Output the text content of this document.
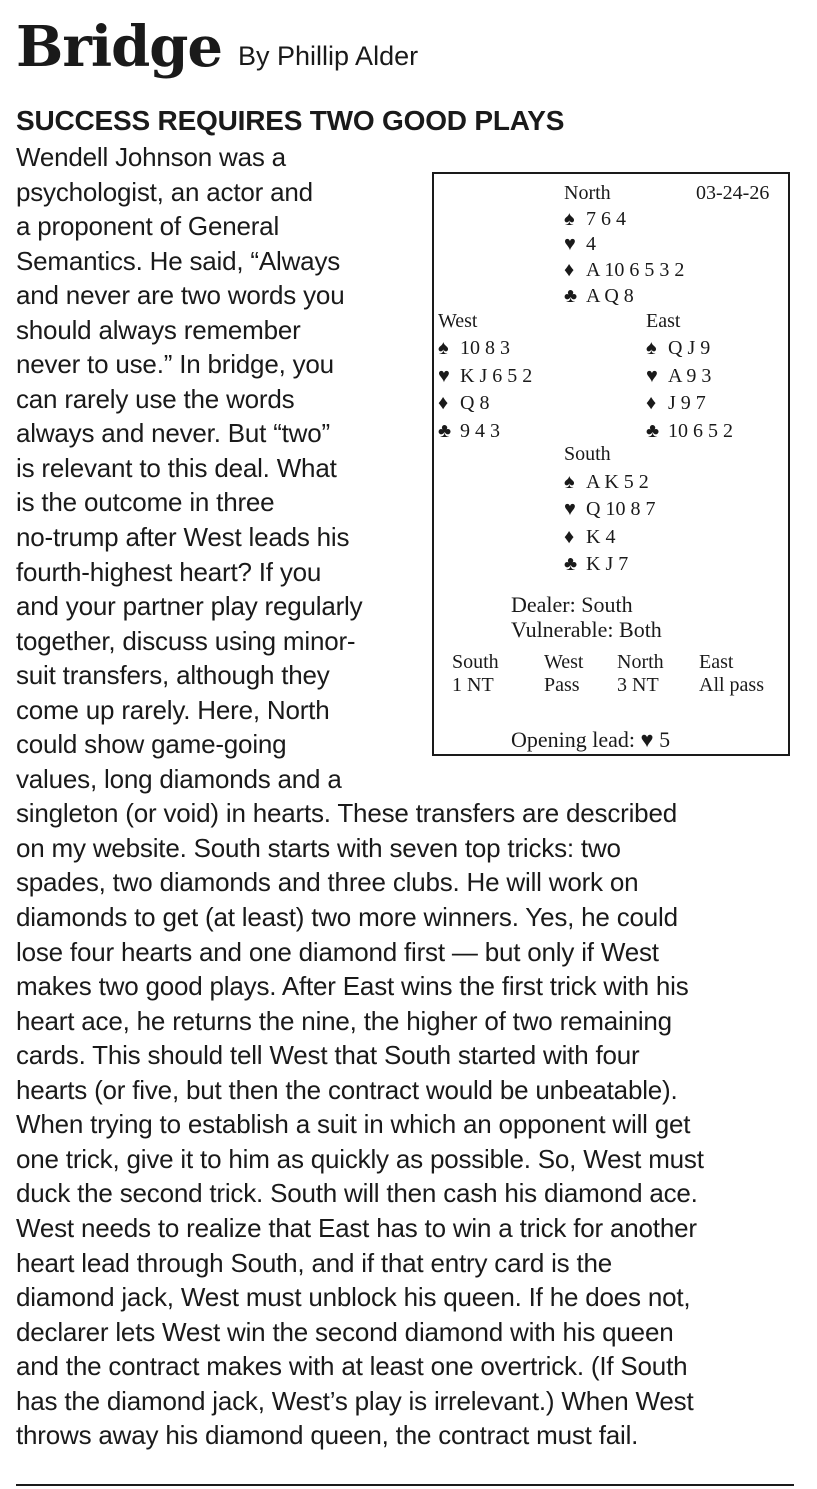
Bridge By Phillip Alder
SUCCESS REQUIRES TWO GOOD PLAYS
Wendell Johnson was a
psychologist, an actor and
a proponent of General
Semantics. He said, “Always
and never are two words you
should always remember
never to use.” In bridge, you
can rarely use the words
always and never. But “two”
is relevant to this deal. What
is the outcome in three
no-trump after West leads his
fourth-highest heart? If you
and your partner play regularly
together, discuss using minor-
suit transfers, although they
come up rarely. Here, North
could show game-going
values, long diamonds and a
singleton (or void) in hearts. These transfers are described
on my website. South starts with seven top tricks: two
spades, two diamonds and three clubs. He will work on
diamonds to get (at least) two more winners. Yes, he could
lose four hearts and one diamond first — but only if West
makes two good plays. After East wins the first trick with his
heart ace, he returns the nine, the higher of two remaining
cards. This should tell West that South started with four
hearts (or five, but then the contract would be unbeatable).
When trying to establish a suit in which an opponent will get
one trick, give it to him as quickly as possible. So, West must
duck the second trick. South will then cash his diamond ace.
West needs to realize that East has to win a trick for another
heart lead through South, and if that entry card is the
diamond jack, West must unblock his queen. If he does not,
declarer lets West win the second diamond with his queen
and the contract makes with at least one overtrick. (If South
has the diamond jack, West’s play is irrelevant.) When West
throws away his diamond queen, the contract must fail.
North	03-24-26
♠ 7 6 4
♥ 4
♦ A 10 6 5 3 2
♣ A Q 8
West
♠ 10 8 3
♥ K J 6 5 2
♦ Q 8
♣ 9 4 3
East
♠ Q J 9
♥ A 9 3
♦ J 9 7
♣ 10 6 5 2
South
♠ A K 5 2
♥ Q 10 8 7
♦ K 4
♣ K J 7
Dealer: South
Vulnerable: Both
South West North East
1 NT	Pass 3 NT All pass
Opening lead: ♥ 5
